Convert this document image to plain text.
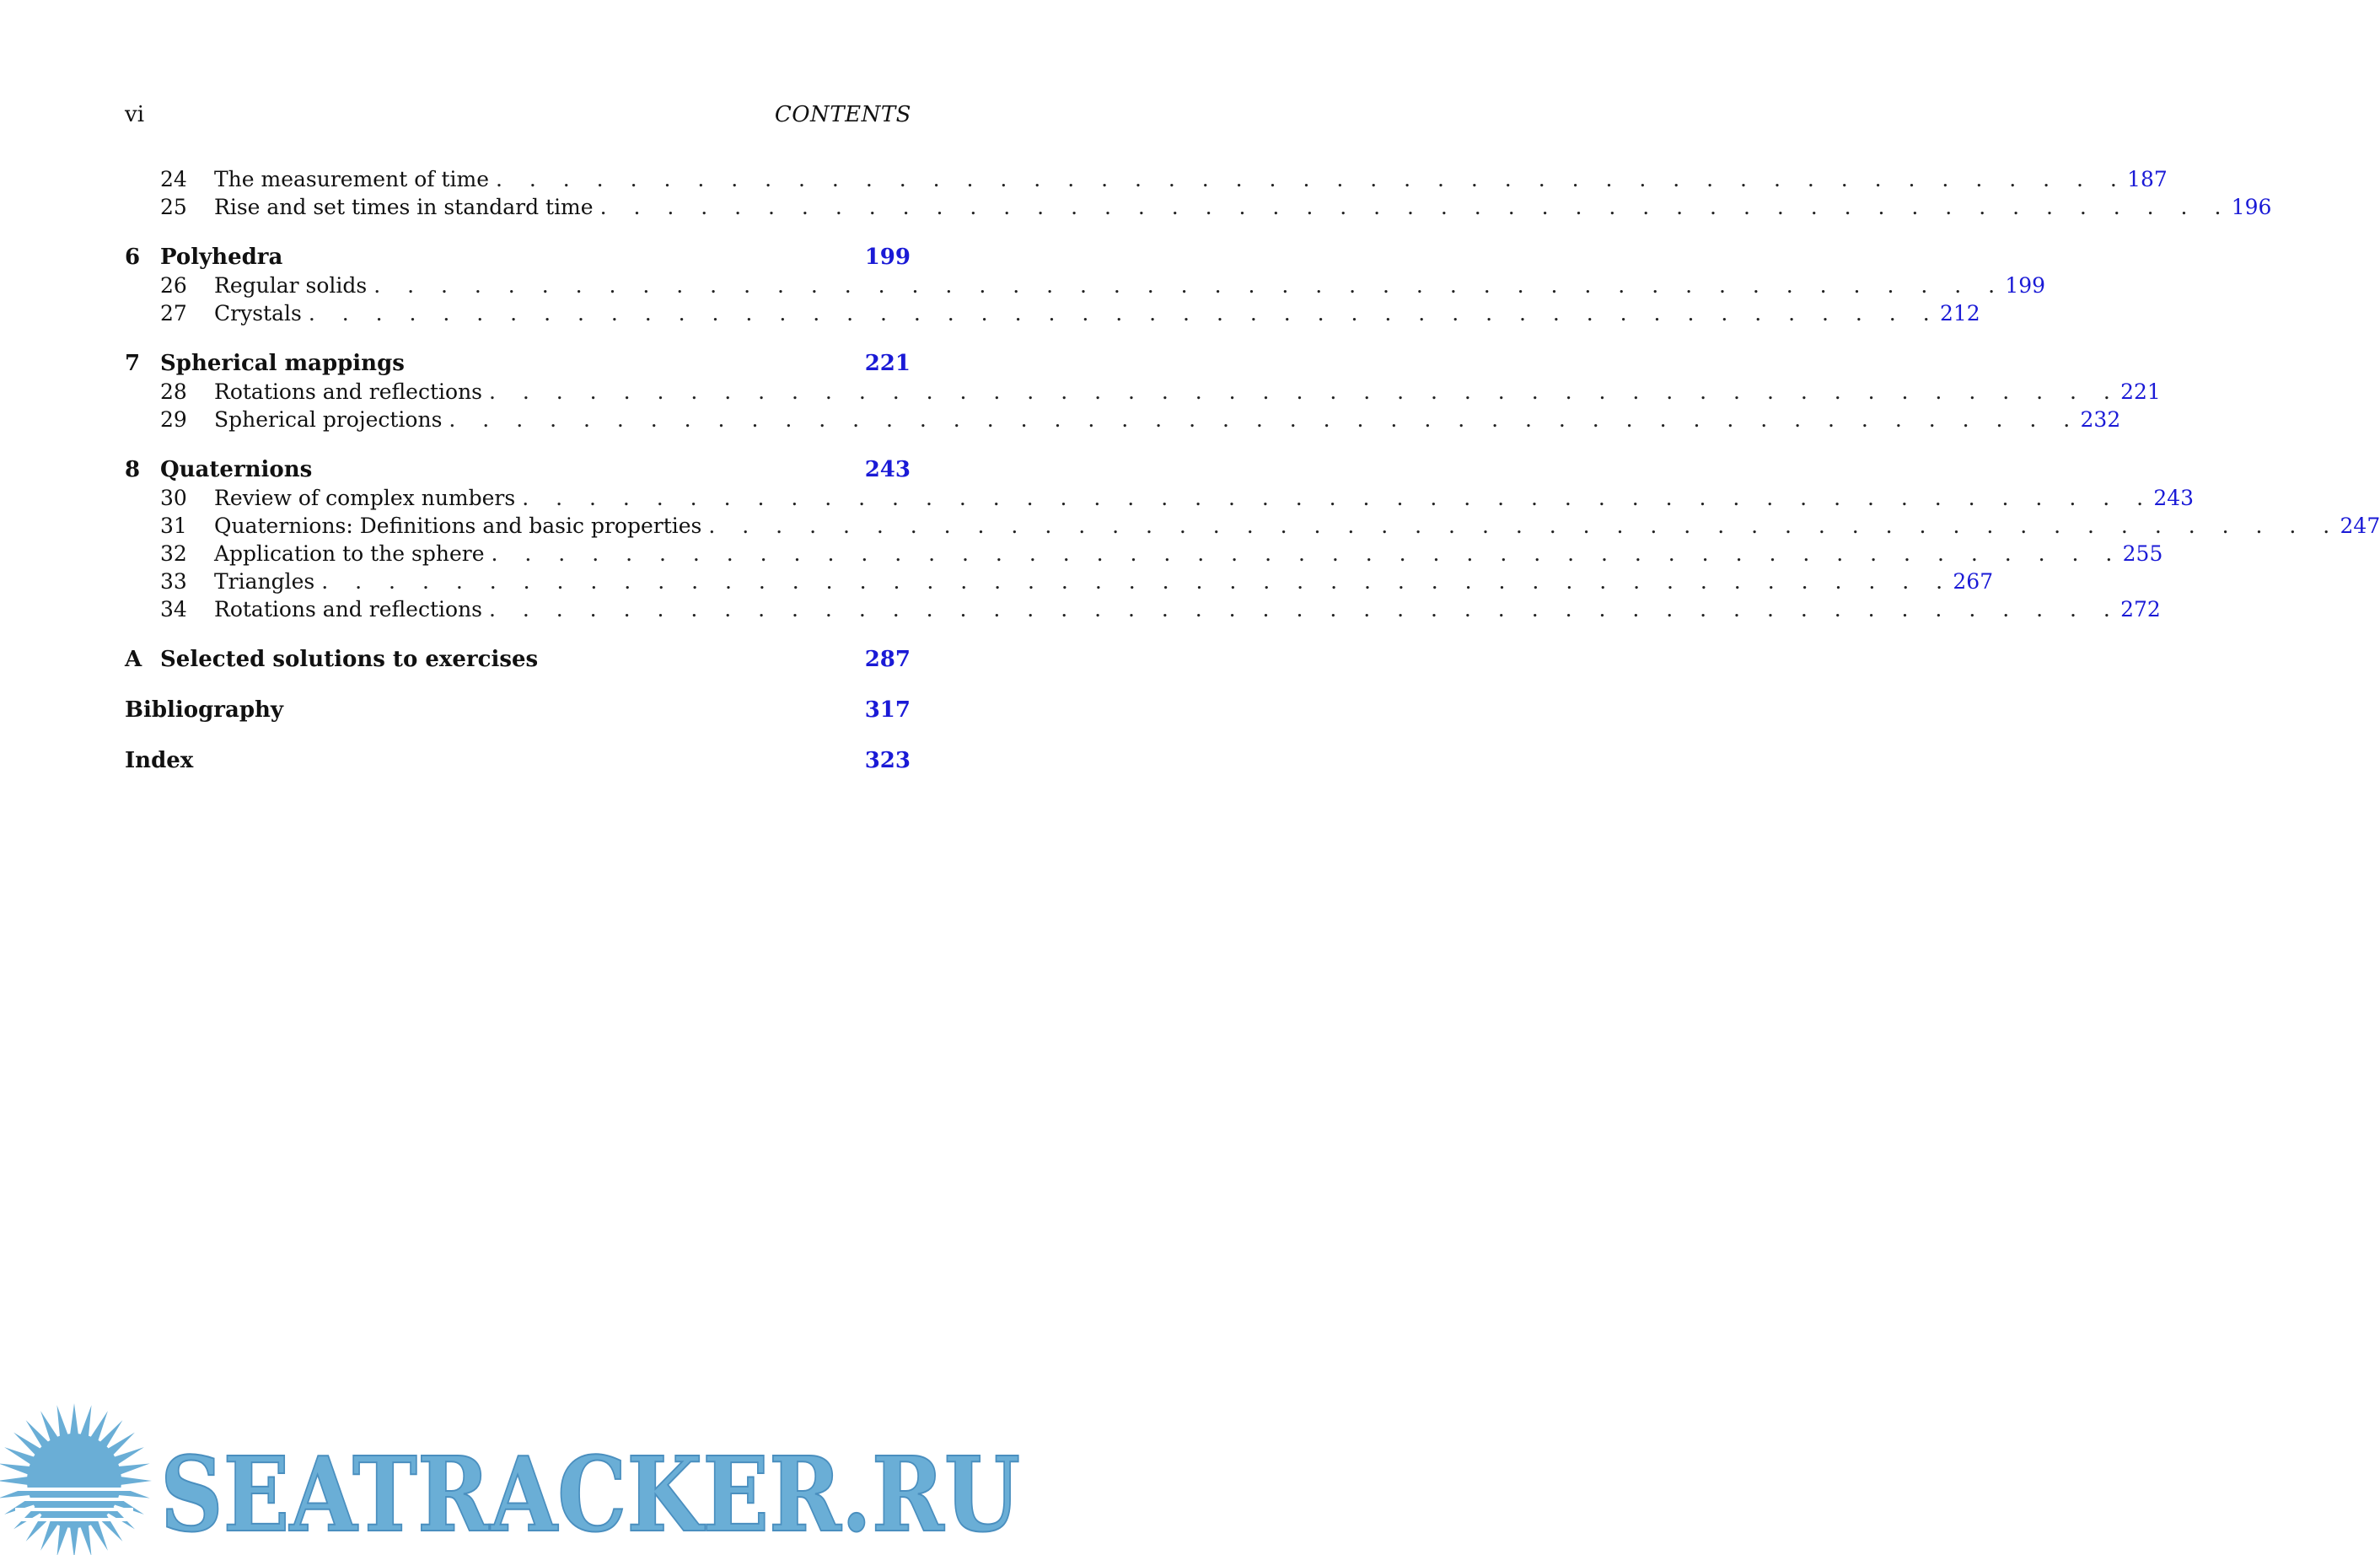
vi	CONTENTS
24	The measurement of time . . . . . . . . . . . . . . . . . . . . . . . . . . . . . . . . . . . . . . . . . . . . . . . . . 187
25	Rise and set times in standard time . . . . . . . . . . . . . . . . . . . . . . . . . . . . . . . . . . . . . . . . . . . . . . . . . 196
6 Polyhedra	199
26	Regular solids . . . . . . . . . . . . . . . . . . . . . . . . . . . . . . . . . . . . . . . . . . . . . . . . . 199
27	Crystals . . . . . . . . . . . . . . . . . . . . . . . . . . . . . . . . . . . . . . . . . . . . . . . . . 212
7 Spherical mappings	221
28	Rotations and reflections . . . . . . . . . . . . . . . . . . . . . . . . . . . . . . . . . . . . . . . . . . . . . . . . . 221
29	Spherical projections . . . . . . . . . . . . . . . . . . . . . . . . . . . . . . . . . . . . . . . . . . . . . . . . . 232
8 Quaternions	243
30	Review of complex numbers . . . . . . . . . . . . . . . . . . . . . . . . . . . . . . . . . . . . . . . . . . . . . . . . . 243
31	Quaternions: Definitions and basic properties . . . . . . . . . . . . . . . . . . . . . . . . . . . . . . . . . . . . . . . . . . . . . . . . . 247
32	Application to the sphere . . . . . . . . . . . . . . . . . . . . . . . . . . . . . . . . . . . . . . . . . . . . . . . . . 255
33	Triangles . . . . . . . . . . . . . . . . . . . . . . . . . . . . . . . . . . . . . . . . . . . . . . . . . 267
34	Rotations and reflections . . . . . . . . . . . . . . . . . . . . . . . . . . . . . . . . . . . . . . . . . . . . . . . . . 272
A Selected solutions to exercises	287
Bibliography	317
Index	323
SEATRACKER.RU
